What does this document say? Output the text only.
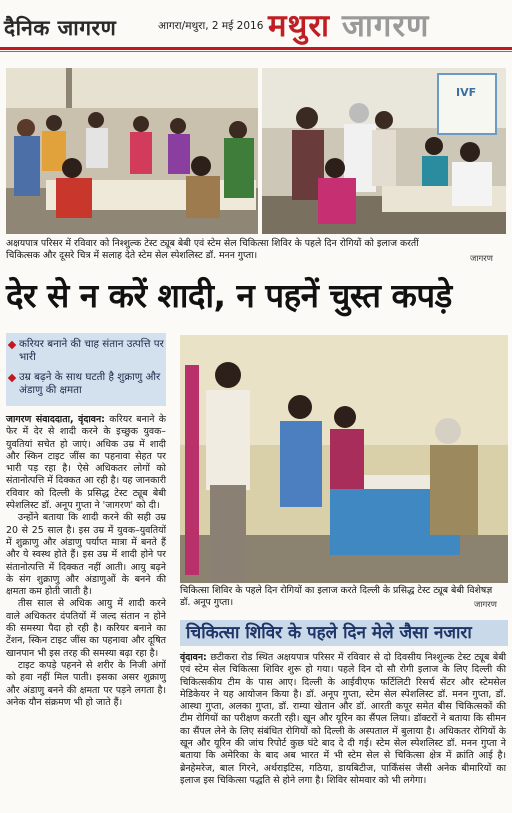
दैनिक जागरण	आगरा/मथुरा, 2 मई 2016 मथुरा जागरण
IVF
अक्षयपात्र परिसर में रविवार को निश्शुल्क टेस्ट ट्यूब बेबी एवं स्टेम सेल चिकित्सा शिविर के पहले दिन रोगियों को इलाज करतीं चिकित्सक और दूसरे चित्र में सलाह देते स्टेम सेल स्पेशलिस्ट डॉ. मनन गुप्ता।	जागरण
देर से न करें शादी, न पहनें चुस्त कपड़े
करियर बनाने की चाह संतान उत्पत्ति पर भारी
उम्र बढ़ने के साथ घटती है शुक्राणु और अंडाणु की क्षमता
जागरण संवाददाता, वृंदावन: करियर बनाने के फेर में देर से शादी करने के इच्छुक युवक–युवतियां सचेत हो जाएं। अधिक उम्र में शादी और स्किन टाइट जींस का पहनावा सेहत पर भारी पड़ रहा है। ऐसे अधिकतर लोगों को संतानोत्पत्ति में दिक्कत आ रही है। यह जानकारी रविवार को दिल्ली के प्रसिद्ध टेस्ट ट्यूब बेबी स्पेशलिस्ट डॉ. अनूप गुप्ता ने 'जागरण' को दी।
उन्होंने बताया कि शादी करने की सही उम्र 20 से 25 साल है। इस उम्र में युवक–युवतियों में शुक्राणु और अंडाणु पर्याप्त मात्रा में बनते हैं और ये स्वस्थ होते हैं। इस उम्र में शादी होने पर संतानोत्पत्ति में दिक्कत नहीं आती। आयु बढ़ने के संग शुक्राणु और अंडाणुओं के बनने की क्षमता कम होती जाती है।
तीस साल से अधिक आयु में शादी करने वाले अधिकतर दंपतियों में जल्द संतान न होने की समस्या पैदा हो रही है। करियर बनाने का टेंशन, स्किन टाइट जींस का पहनावा और दूषित खानपान भी इस तरह की समस्या बढ़ा रहा है।
टाइट कपड़े पहनने से शरीर के निजी अंगों को हवा नहीं मिल पाती। इसका असर शुक्राणु और अंडाणु बनने की क्षमता पर पड़ने लगता है। अनेक यौन संक्रमण भी हो जाते हैं।
चिकित्सा शिविर के पहले दिन रोगियों का इलाज करते दिल्ली के प्रसिद्ध टेस्ट ट्यूब बेबी विशेषज्ञ डॉ. अनूप गुप्ता।	जागरण
चिकित्सा शिविर के पहले दिन मेले जैसा नजारा
वृंदावन: छटीकरा रोड स्थित अक्षयपात्र परिसर में रविवार से दो दिवसीय निश्शुल्क टेस्ट ट्यूब बेबी एवं स्टेम सेल चिकित्सा शिविर शुरू हो गया। पहले दिन दो सौ रोगी इलाज के लिए दिल्ली की चिकित्सकीय टीम के पास आए। दिल्ली के आईवीएफ फर्टिलिटी रिसर्च सेंटर और स्टेमसेल मेडिकेयर ने यह आयोजन किया है। डॉ. अनूप गुप्ता, स्टेम सेल स्पेशलिस्ट डॉ. मनन गुप्ता, डॉ. आस्था गुप्ता, अलका गुप्ता, डॉ. राम्या खेतान और डॉ. आरती कपूर समेत बीस चिकित्सकों की टीम रोगियों का परीक्षण करती रही। खून और यूरिन का सैंपल लिया। डॉक्टरों ने बताया कि सीमन का सैंपल लेने के लिए संबंधित रोगियों को दिल्ली के अस्पताल में बुलाया है। अधिकतर रोगियों के खून और यूरिन की जांच रिपोर्ट कुछ घंटे बाद दे दी गई। स्टेम सेल स्पेशलिस्ट डॉ. मनन गुप्ता ने बताया कि अमेरिका के बाद अब भारत में भी स्टेम सेल से चिकित्सा क्षेत्र में क्रांति आई है। ब्रेनहेमरेज, बाल गिरने, अर्थराइटिस, गठिया, डायबिटीज, पार्किंसंस जैसी अनेक बीमारियों का इलाज इस चिकित्सा पद्धति से होने लगा है। शिविर सोमवार को भी लगेगा।
